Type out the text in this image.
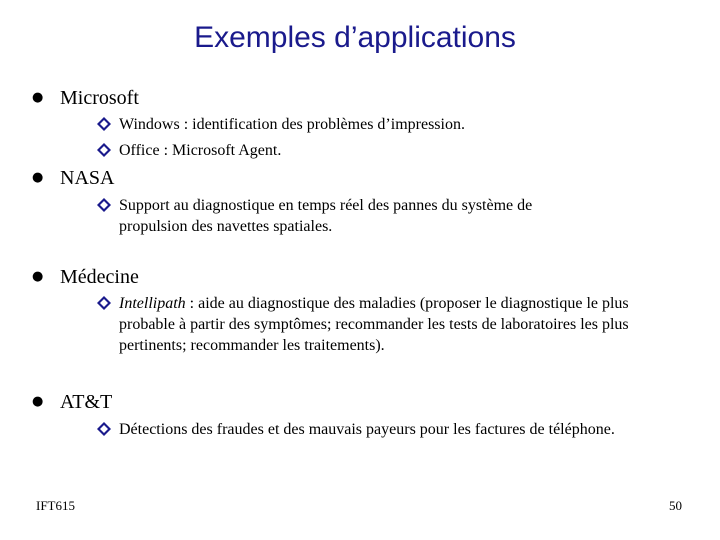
Exemples d’applications
● Microsoft
Windows : identification des problèmes d’impression.
Office : Microsoft Agent.
● NASA
Support au diagnostique en temps réel des pannes du système de propulsion des navettes spatiales.
● Médecine
Intellipath : aide au diagnostique des maladies (proposer le diagnostique le plus probable à partir des symptômes; recommander les tests de laboratoires les plus pertinents; recommander les traitements).
● AT&T
Détections des fraudes et des mauvais payeurs pour les factures de téléphone.
IFT615	50
